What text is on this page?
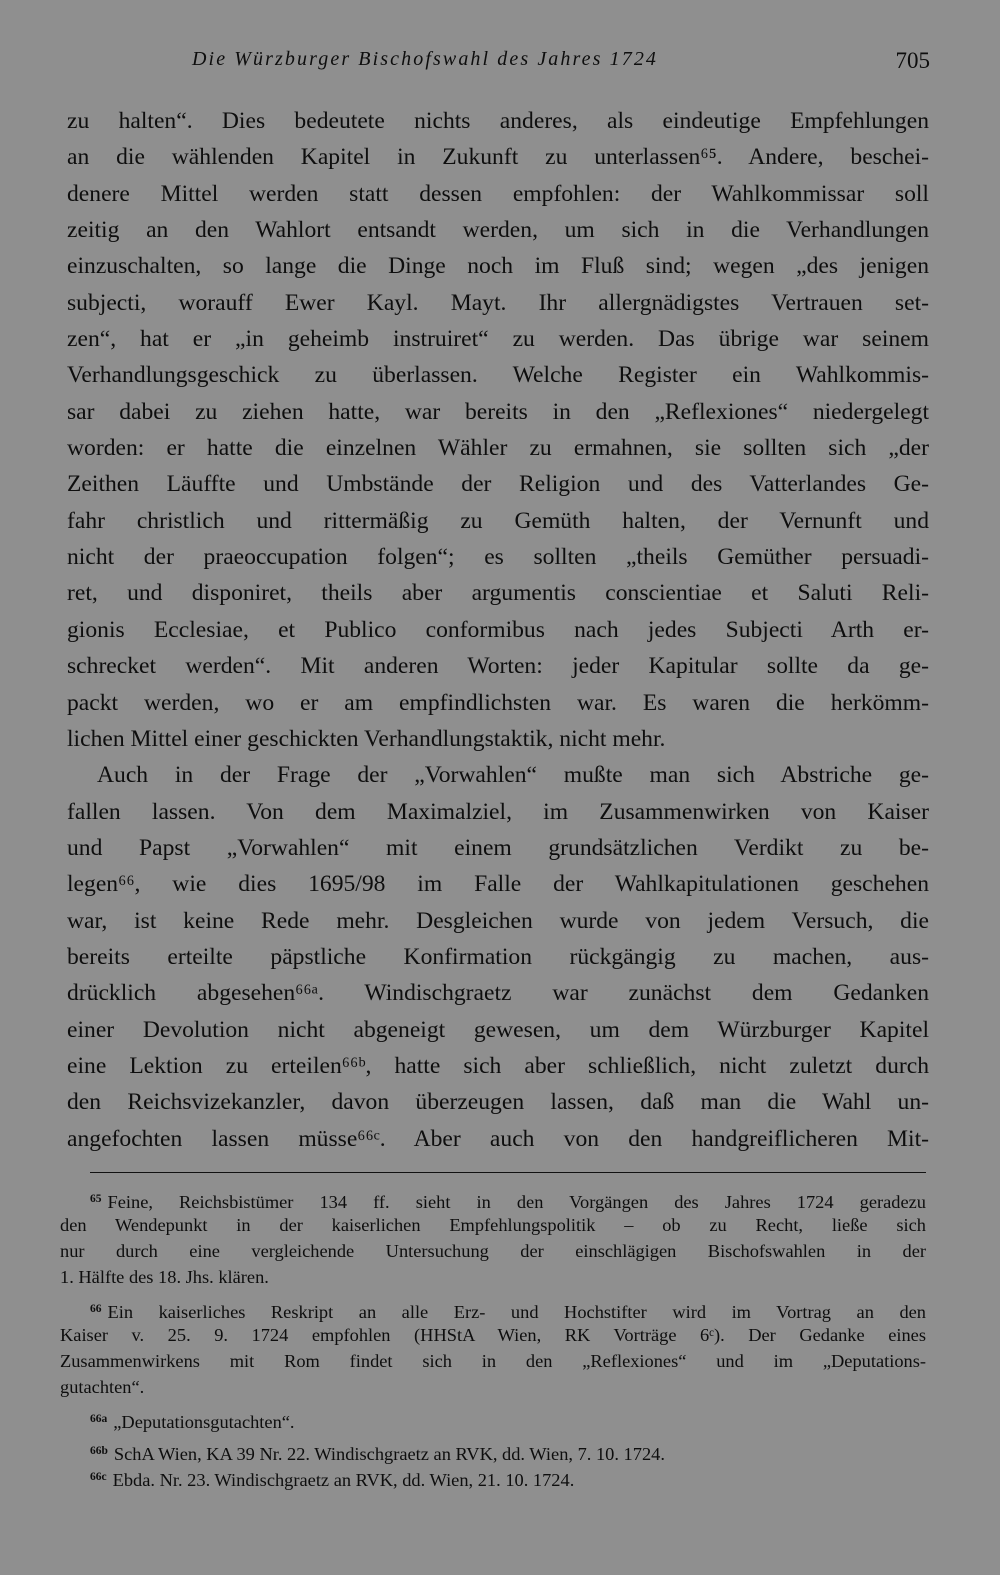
Die Würzburger Bischofswahl des Jahres 1724	705
zu halten“. Dies bedeutete nichts anderes, als eindeutige Empfehlungen
an die wählenden Kapitel in Zukunft zu unterlassen⁶⁵. Andere, beschei-
denere Mittel werden statt dessen empfohlen: der Wahlkommissar soll
zeitig an den Wahlort entsandt werden, um sich in die Verhandlungen
einzuschalten, so lange die Dinge noch im Fluß sind; wegen „des jenigen
subjecti, worauff Ewer Kayl. Mayt. Ihr allergnädigstes Vertrauen set-
zen“, hat er „in geheimb instruiret“ zu werden. Das übrige war seinem
Verhandlungsgeschick zu überlassen. Welche Register ein Wahlkommis-
sar dabei zu ziehen hatte, war bereits in den „Reflexiones“ niedergelegt
worden: er hatte die einzelnen Wähler zu ermahnen, sie sollten sich „der
Zeithen Läuffte und Umbstände der Religion und des Vatterlandes Ge-
fahr christlich und rittermäßig zu Gemüth halten, der Vernunft und
nicht der praeoccupation folgen“; es sollten „theils Gemüther persuadi-
ret, und disponiret, theils aber argumentis conscientiae et Saluti Reli-
gionis Ecclesiae, et Publico conformibus nach jedes Subjecti Arth er-
schrecket werden“. Mit anderen Worten: jeder Kapitular sollte da ge-
packt werden, wo er am empfindlichsten war. Es waren die herkömm-
lichen Mittel einer geschickten Verhandlungstaktik, nicht mehr.
Auch in der Frage der „Vorwahlen“ mußte man sich Abstriche ge-
fallen lassen. Von dem Maximalziel, im Zusammenwirken von Kaiser
und Papst „Vorwahlen“ mit einem grundsätzlichen Verdikt zu be-
legen⁶⁶, wie dies 1695/98 im Falle der Wahlkapitulationen geschehen
war, ist keine Rede mehr. Desgleichen wurde von jedem Versuch, die
bereits erteilte päpstliche Konfirmation rückgängig zu machen, aus-
drücklich abgesehen⁶⁶ᵃ. Windischgraetz war zunächst dem Gedanken
einer Devolution nicht abgeneigt gewesen, um dem Würzburger Kapitel
eine Lektion zu erteilen⁶⁶ᵇ, hatte sich aber schließlich, nicht zuletzt durch
den Reichsvizekanzler, davon überzeugen lassen, daß man die Wahl un-
angefochten lassen müsse⁶⁶ᶜ. Aber auch von den handgreiflicheren Mit-
$^{65}$ Feine, Reichsbistümer 134 ff. sieht in den Vorgängen des Jahres 1724 geradezu
den Wendepunkt in der kaiserlichen Empfehlungspolitik – ob zu Recht, ließe sich
nur durch eine vergleichende Untersuchung der einschlägigen Bischofswahlen in der
1. Hälfte des 18. Jhs. klären.
$^{66}$ Ein kaiserliches Reskript an alle Erz- und Hochstifter wird im Vortrag an den
Kaiser v. 25. 9. 1724 empfohlen (HHStA Wien, RK Vorträge 6ᶜ). Der Gedanke eines
Zusammenwirkens mit Rom findet sich in den „Reflexiones“ und im „Deputations-
gutachten“.
$^{66a}$ „Deputationsgutachten“.
$^{66b}$ SchA Wien, KA 39 Nr. 22. Windischgraetz an RVK, dd. Wien, 7. 10. 1724.
$^{66c}$ Ebda. Nr. 23. Windischgraetz an RVK, dd. Wien, 21. 10. 1724.
